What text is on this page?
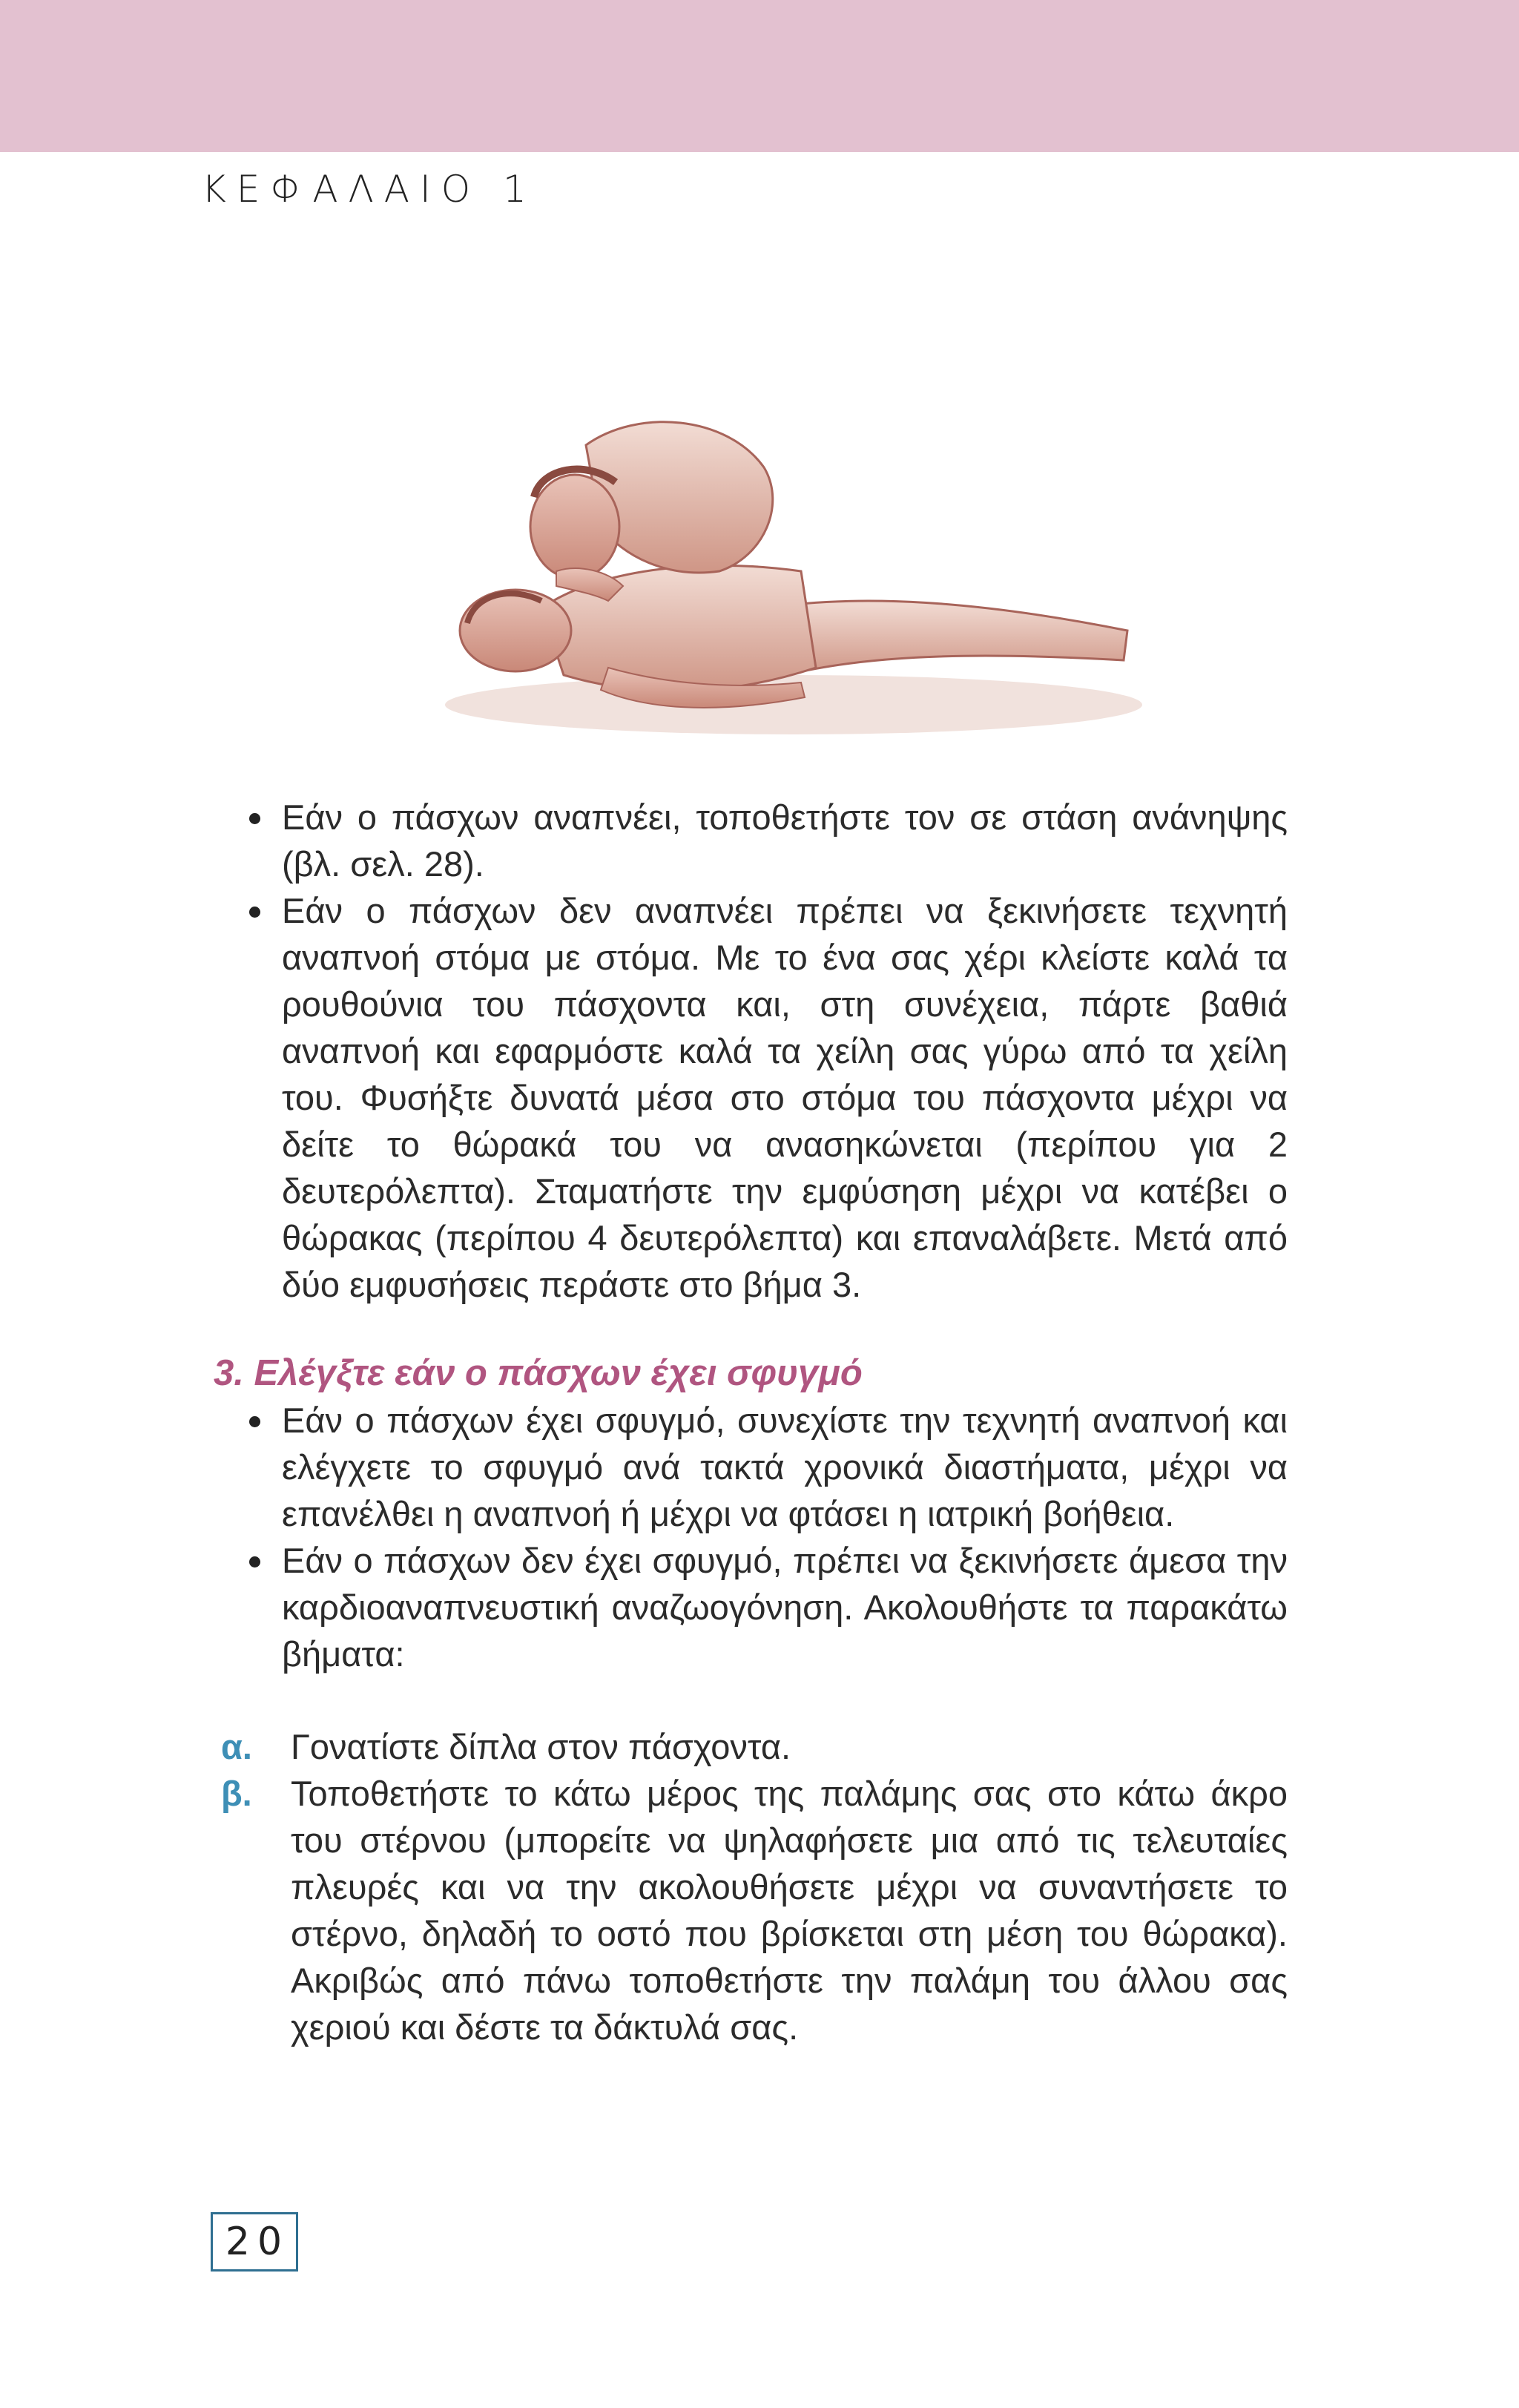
ΚΕΦΑΛΑΙΟ 1

Εάν ο πάσχων αναπνέει, τοποθετήστε τον σε στάση ανάνηψης (βλ. σελ. 28).

Εάν ο πάσχων δεν αναπνέει πρέπει να ξεκινήσετε τεχνητή αναπνοή στόμα με στόμα. Με το ένα σας χέρι κλείστε καλά τα ρουθούνια του πάσχοντα και, στη συνέχεια, πάρτε βαθιά αναπνοή και εφαρμόστε καλά τα χείλη σας γύρω από τα χείλη του. Φυσήξτε δυνατά μέσα στο στόμα του πάσχοντα μέχρι να δείτε το θώρακά του να ανασηκώνεται (περίπου για 2 δευτερόλεπτα). Σταματήστε την εμφύσηση μέχρι να κατέβει ο θώρακας (περίπου 4 δευτερόλεπτα) και επαναλάβετε. Μετά από δύο εμφυσήσεις περάστε στο βήμα 3.

3. Ελέγξτε εάν ο πάσχων έχει σφυγμό

Εάν ο πάσχων έχει σφυγμό, συνεχίστε την τεχνητή αναπνοή και ελέγχετε το σφυγμό ανά τακτά χρονικά διαστήματα, μέχρι να επανέλθει η αναπνοή ή μέχρι να φτάσει η ιατρική βοήθεια.

Εάν ο πάσχων δεν έχει σφυγμό, πρέπει να ξεκινήσετε άμεσα την καρδιοαναπνευστική αναζωογόνηση. Ακολουθήστε τα παρακάτω βήματα:

α. Γονατίστε δίπλα στον πάσχοντα.

β. Τοποθετήστε το κάτω μέρος της παλάμης σας στο κάτω άκρο του στέρνου (μπορείτε να ψηλαφήσετε μια από τις τελευταίες πλευρές και να την ακολουθήσετε μέχρι να συναντήσετε το στέρνο, δηλαδή το οστό που βρίσκεται στη μέση του θώρακα). Ακριβώς από πάνω τοποθετήστε την παλάμη του άλλου σας χεριού και δέστε τα δάκτυλά σας.

20
